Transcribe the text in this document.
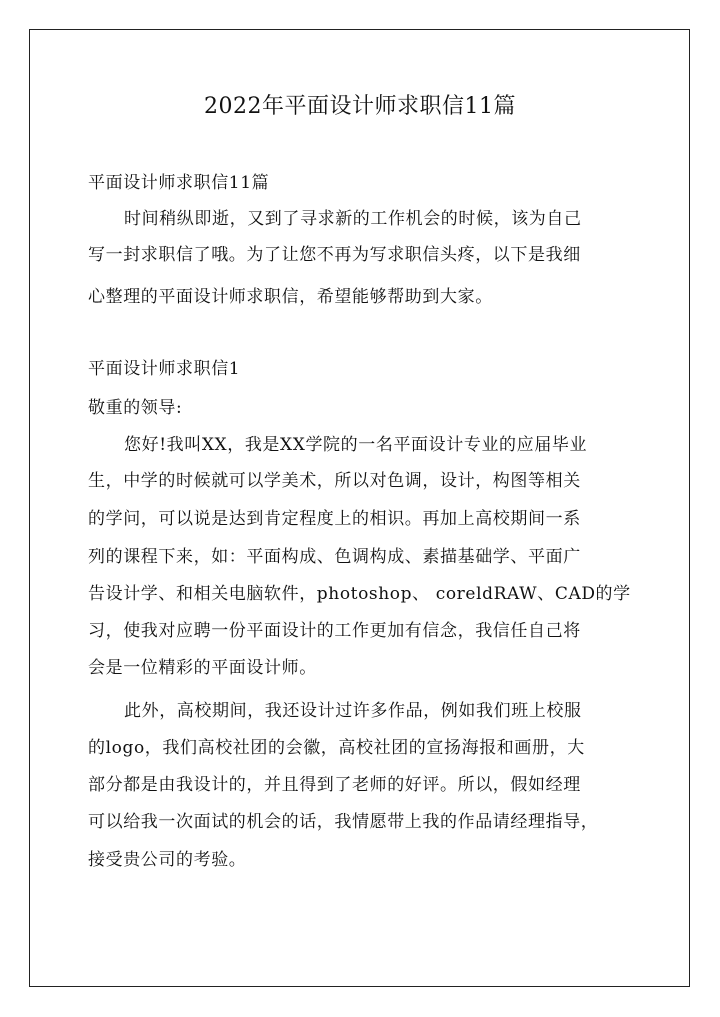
2022年平面设计师求职信11篇
平面设计师求职信11篇
时间稍纵即逝，又到了寻求新的工作机会的时候，该为自己
写一封求职信了哦。为了让您不再为写求职信头疼，以下是我细
心整理的平面设计师求职信，希望能够帮助到大家。
平面设计师求职信1
敬重的领导:
您好!我叫XX，我是XX学院的一名平面设计专业的应届毕业
生，中学的时候就可以学美术，所以对色调，设计，构图等相关
的学问，可以说是达到肯定程度上的相识。再加上高校期间一系
列的课程下来，如：平面构成、色调构成、素描基础学、平面广
告设计学、和相关电脑软件，photoshop、 coreldRAW、CAD的学
习，使我对应聘一份平面设计的工作更加有信念，我信任自己将
会是一位精彩的平面设计师。
此外，高校期间，我还设计过许多作品，例如我们班上校服
的logo，我们高校社团的会徽，高校社团的宣扬海报和画册，大
部分都是由我设计的，并且得到了老师的好评。所以，假如经理
可以给我一次面试的机会的话，我情愿带上我的作品请经理指导，
接受贵公司的考验。
